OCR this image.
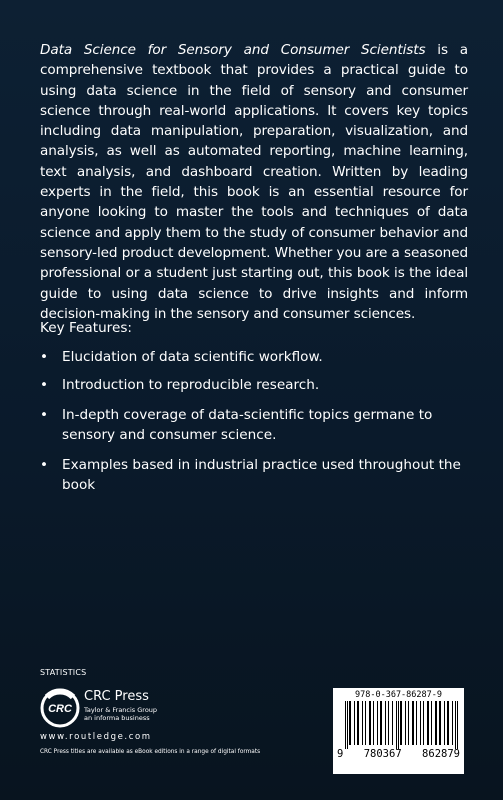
Data Science for Sensory and Consumer Scientists is a comprehensive textbook that provides a practical guide to using data science in the field of sensory and consumer science through real-world applications. It covers key topics including data manipulation, preparation, visualization, and analysis, as well as automated reporting, machine learning, text analysis, and dashboard creation. Written by leading experts in the field, this book is an essential resource for anyone looking to master the tools and techniques of data science and apply them to the study of consumer behavior and sensory-led product development. Whether you are a seasoned professional or a student just starting out, this book is the ideal guide to using data science to drive insights and inform decision-making in the sensory and consumer sciences.

Key Features:
• Elucidation of data scientific workflow.
• Introduction to reproducible research.
• In-depth coverage of data-scientific topics germane to sensory and consumer science.
• Examples based in industrial practice used throughout the book
STATISTICS
CRC
CRC Press
Taylor & Francis Group
an informa business
www.routledge.com
CRC Press titles are available as eBook editions in a range of digital formats
978-0-367-86287-9
9 780367 862879
